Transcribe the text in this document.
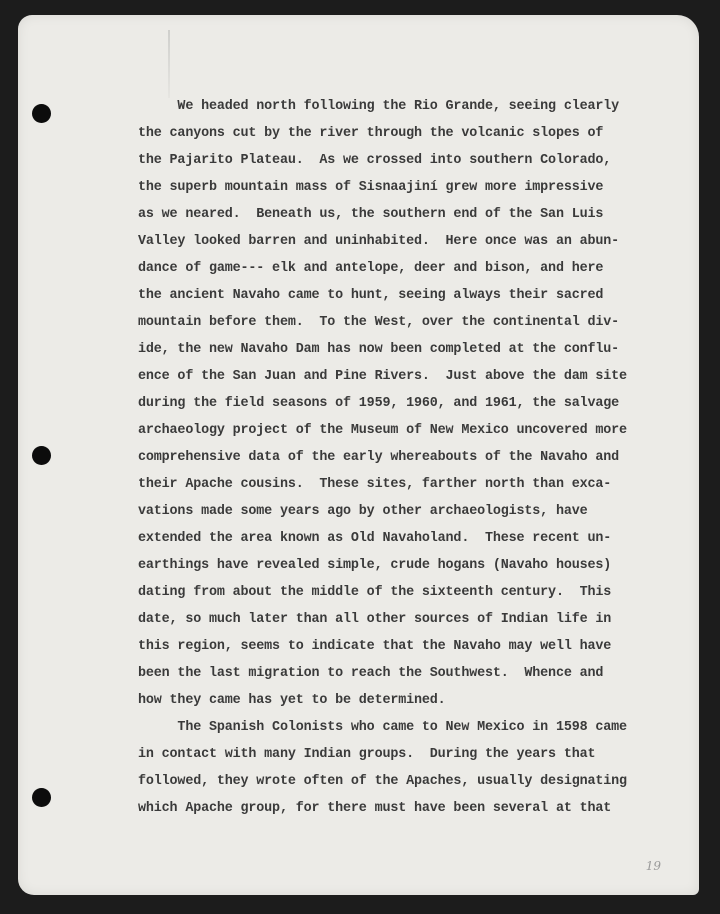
We headed north following the Rio Grande, seeing clearly
the canyons cut by the river through the volcanic slopes of
the Pajarito Plateau.  As we crossed into southern Colorado,
the superb mountain mass of Sisnaajiní grew more impressive
as we neared.  Beneath us, the southern end of the San Luis
Valley looked barren and uninhabited.  Here once was an abun-
dance of game--- elk and antelope, deer and bison, and here
the ancient Navaho came to hunt, seeing always their sacred
mountain before them.  To the West, over the continental div-
ide, the new Navaho Dam has now been completed at the conflu-
ence of the San Juan and Pine Rivers.  Just above the dam site
during the field seasons of 1959, 1960, and 1961, the salvage
archaeology project of the Museum of New Mexico uncovered more
comprehensive data of the early whereabouts of the Navaho and
their Apache cousins.  These sites, farther north than exca-
vations made some years ago by other archaeologists, have
extended the area known as Old Navaholand.  These recent un-
earthings have revealed simple, crude hogans (Navaho houses)
dating from about the middle of the sixteenth century.  This
date, so much later than all other sources of Indian life in
this region, seems to indicate that the Navaho may well have
been the last migration to reach the Southwest.  Whence and
how they came has yet to be determined.
The Spanish Colonists who came to New Mexico in 1598 came
in contact with many Indian groups.  During the years that
followed, they wrote often of the Apaches, usually designating
which Apache group, for there must have been several at that
19
